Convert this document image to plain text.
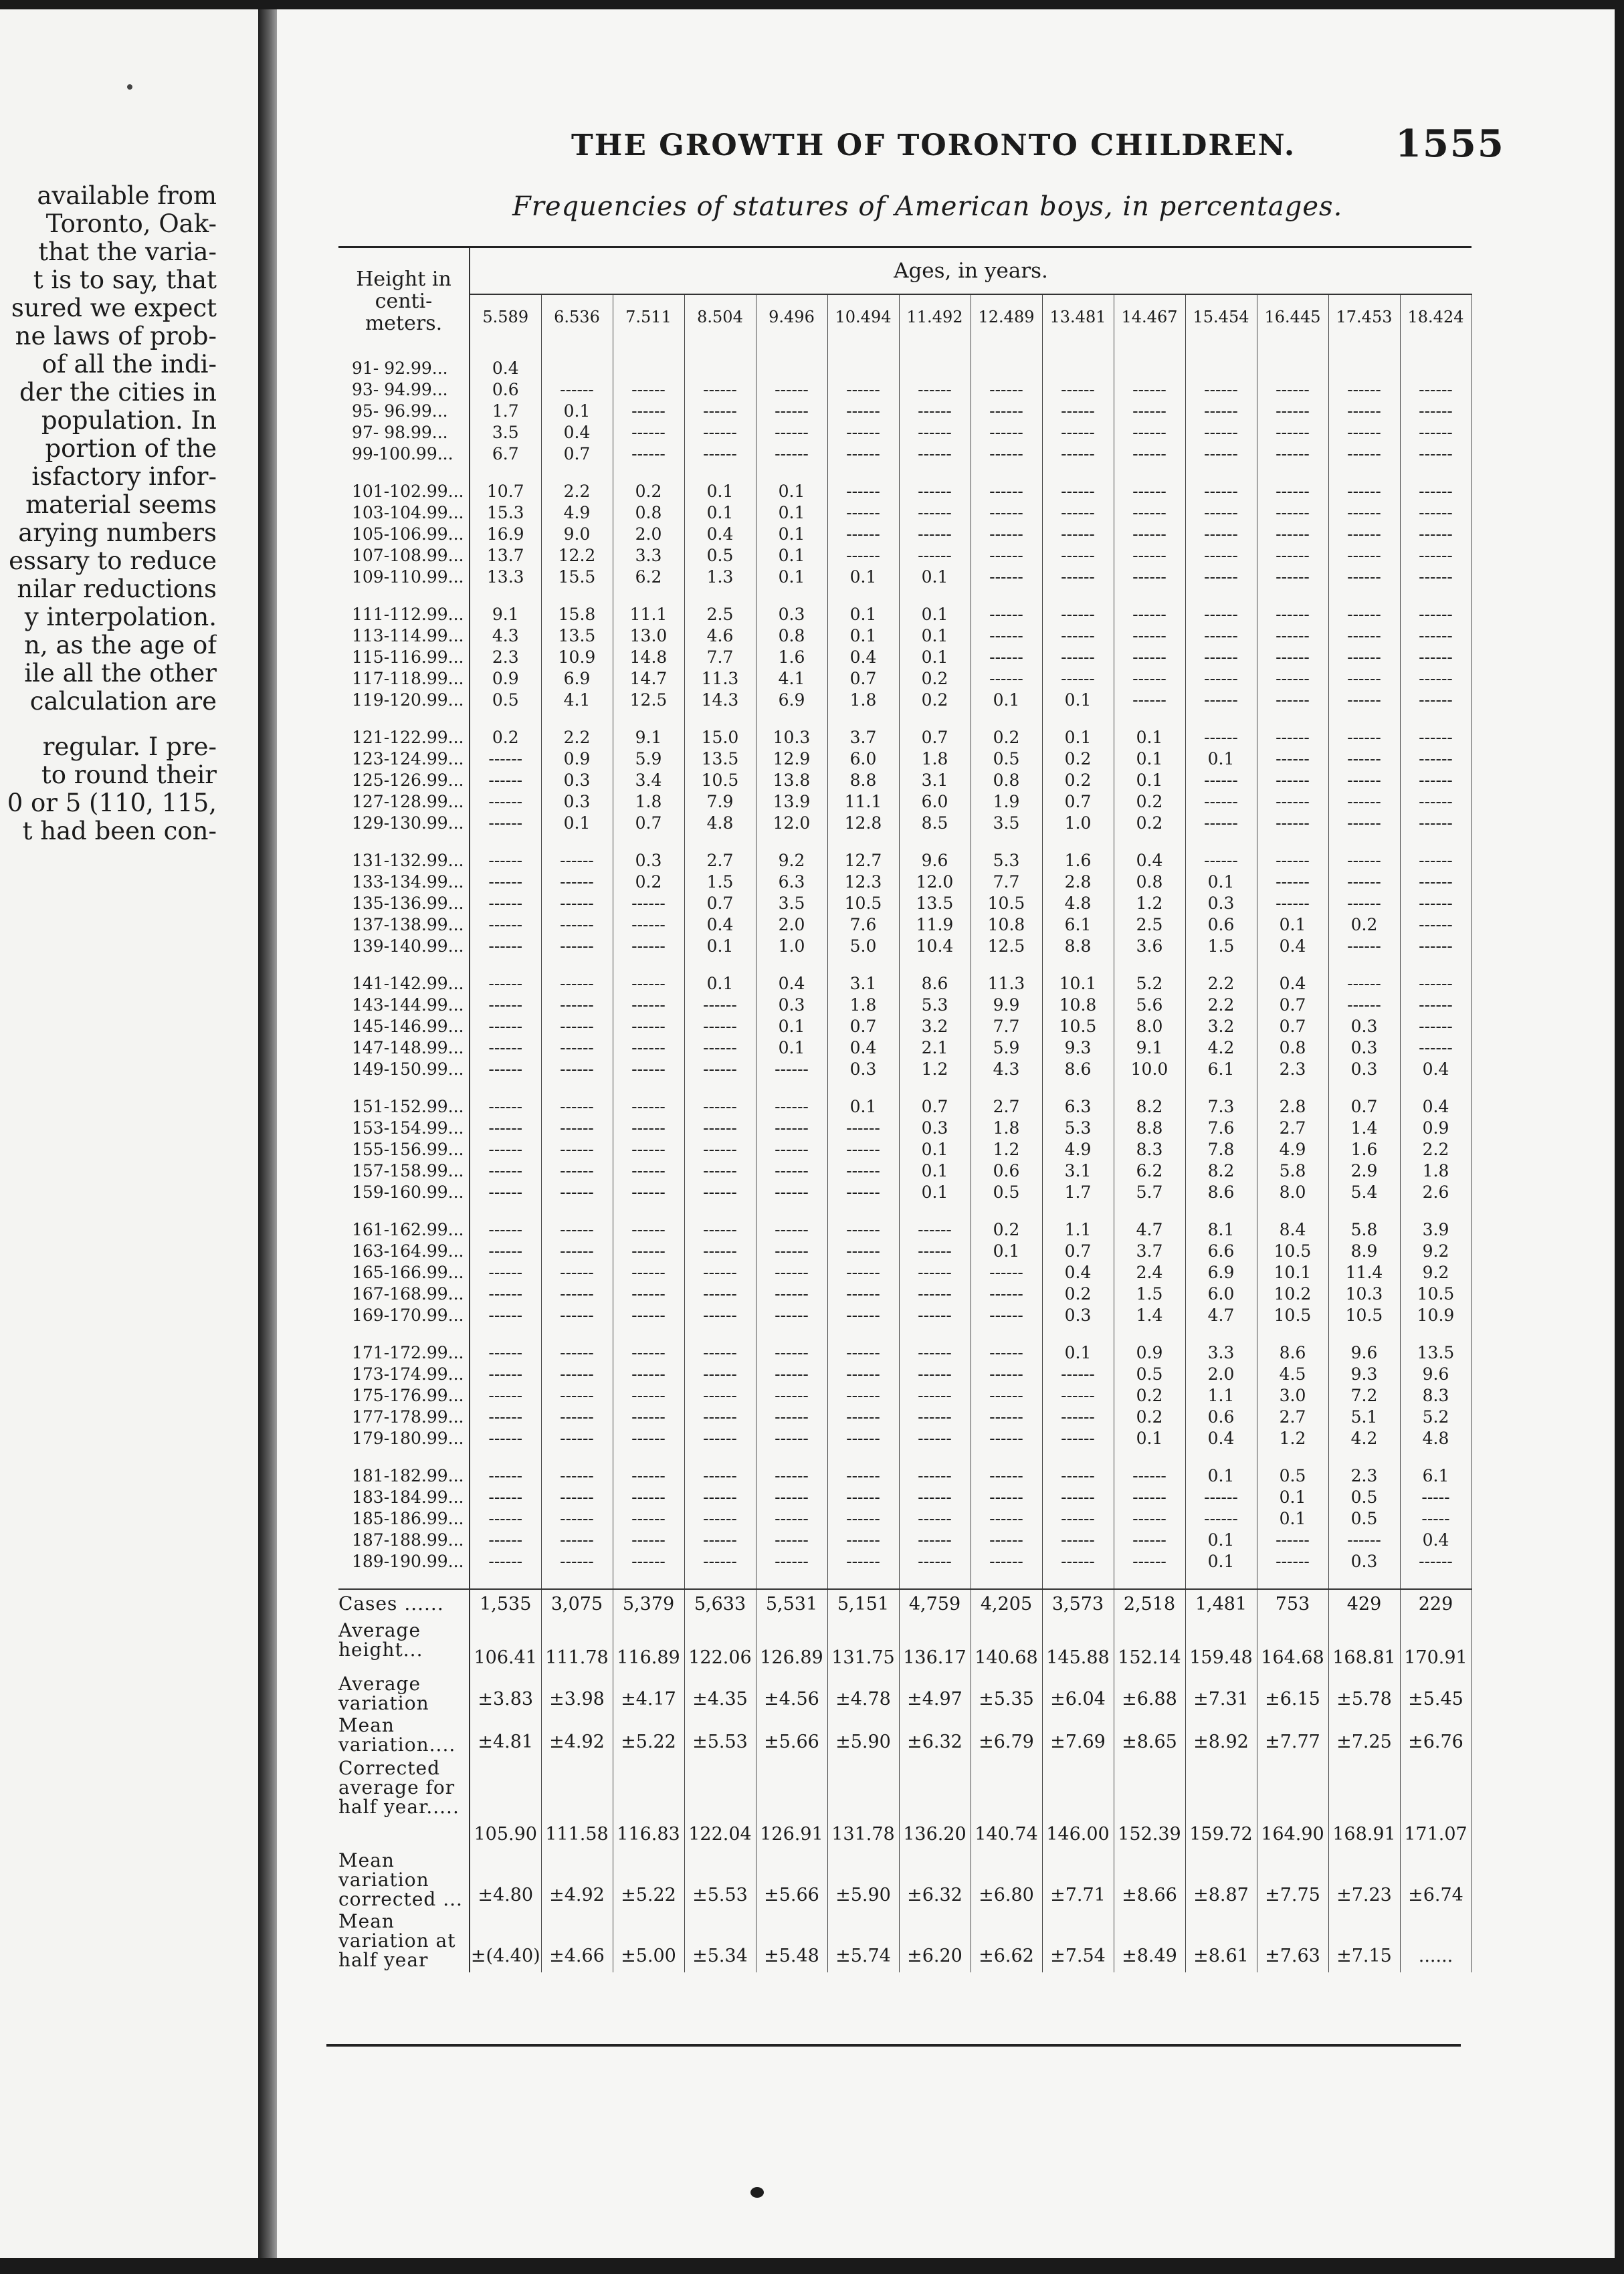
available from
Toronto, Oak-
that the varia-
t is to say, that
sured we expect
ne laws of prob-
of all the indi-
der the cities in
population. In
portion of the
isfactory infor-
material seems
arying numbers
essary to reduce
nilar reductions
y interpolation.
n, as the age of
ile all the other
calculation are
regular. I pre-
to round their
0 or 5 (110, 115,
t had been con-
THE GROWTH OF TORONTO CHILDREN.	1555
Frequencies of statures of American boys, in percentages.
Height in centi-meters.	Ages, in years.													
	5.589	6.536	7.511	8.504	9.496	10.494	11.492	12.489	13.481	14.467	15.454	16.445	17.453	18.424
91- 92.99...	0.4													
93- 94.99...	0.6	------	------	------	------	------	------	------	------	------	------	------	------	------
95- 96.99...	1.7	0.1	------	------	------	------	------	------	------	------	------	------	------	------
97- 98.99...	3.5	0.4	------	------	------	------	------	------	------	------	------	------	------	------
99-100.99...	6.7	0.7	------	------	------	------	------	------	------	------	------	------	------	------
101-102.99...	10.7	2.2	0.2	0.1	0.1	------	------	------	------	------	------	------	------	------
103-104.99...	15.3	4.9	0.8	0.1	0.1	------	------	------	------	------	------	------	------	------
105-106.99...	16.9	9.0	2.0	0.4	0.1	------	------	------	------	------	------	------	------	------
107-108.99...	13.7	12.2	3.3	0.5	0.1	------	------	------	------	------	------	------	------	------
109-110.99...	13.3	15.5	6.2	1.3	0.1	0.1	0.1	------	------	------	------	------	------	------
111-112.99...	9.1	15.8	11.1	2.5	0.3	0.1	0.1	------	------	------	------	------	------	------
113-114.99...	4.3	13.5	13.0	4.6	0.8	0.1	0.1	------	------	------	------	------	------	------
115-116.99...	2.3	10.9	14.8	7.7	1.6	0.4	0.1	------	------	------	------	------	------	------
117-118.99...	0.9	6.9	14.7	11.3	4.1	0.7	0.2	------	------	------	------	------	------	------
119-120.99...	0.5	4.1	12.5	14.3	6.9	1.8	0.2	0.1	0.1	------	------	------	------	------
121-122.99...	0.2	2.2	9.1	15.0	10.3	3.7	0.7	0.2	0.1	0.1	------	------	------	------
123-124.99...	------	0.9	5.9	13.5	12.9	6.0	1.8	0.5	0.2	0.1	0.1	------	------	------
125-126.99...	------	0.3	3.4	10.5	13.8	8.8	3.1	0.8	0.2	0.1	------	------	------	------
127-128.99...	------	0.3	1.8	7.9	13.9	11.1	6.0	1.9	0.7	0.2	------	------	------	------
129-130.99...	------	0.1	0.7	4.8	12.0	12.8	8.5	3.5	1.0	0.2	------	------	------	------
131-132.99...	------	------	0.3	2.7	9.2	12.7	9.6	5.3	1.6	0.4	------	------	------	------
133-134.99...	------	------	0.2	1.5	6.3	12.3	12.0	7.7	2.8	0.8	0.1	------	------	------
135-136.99...	------	------	------	0.7	3.5	10.5	13.5	10.5	4.8	1.2	0.3	------	------	------
137-138.99...	------	------	------	0.4	2.0	7.6	11.9	10.8	6.1	2.5	0.6	0.1	0.2	------
139-140.99...	------	------	------	0.1	1.0	5.0	10.4	12.5	8.8	3.6	1.5	0.4	------	------
141-142.99...	------	------	------	0.1	0.4	3.1	8.6	11.3	10.1	5.2	2.2	0.4	------	------
143-144.99...	------	------	------	------	0.3	1.8	5.3	9.9	10.8	5.6	2.2	0.7	------	------
145-146.99...	------	------	------	------	0.1	0.7	3.2	7.7	10.5	8.0	3.2	0.7	0.3	------
147-148.99...	------	------	------	------	0.1	0.4	2.1	5.9	9.3	9.1	4.2	0.8	0.3	------
149-150.99...	------	------	------	------	------	0.3	1.2	4.3	8.6	10.0	6.1	2.3	0.3	0.4
151-152.99...	------	------	------	------	------	0.1	0.7	2.7	6.3	8.2	7.3	2.8	0.7	0.4
153-154.99...	------	------	------	------	------	------	0.3	1.8	5.3	8.8	7.6	2.7	1.4	0.9
155-156.99...	------	------	------	------	------	------	0.1	1.2	4.9	8.3	7.8	4.9	1.6	2.2
157-158.99...	------	------	------	------	------	------	0.1	0.6	3.1	6.2	8.2	5.8	2.9	1.8
159-160.99...	------	------	------	------	------	------	0.1	0.5	1.7	5.7	8.6	8.0	5.4	2.6
161-162.99...	------	------	------	------	------	------	------	0.2	1.1	4.7	8.1	8.4	5.8	3.9
163-164.99...	------	------	------	------	------	------	------	0.1	0.7	3.7	6.6	10.5	8.9	9.2
165-166.99...	------	------	------	------	------	------	------	------	0.4	2.4	6.9	10.1	11.4	9.2
167-168.99...	------	------	------	------	------	------	------	------	0.2	1.5	6.0	10.2	10.3	10.5
169-170.99...	------	------	------	------	------	------	------	------	0.3	1.4	4.7	10.5	10.5	10.9
171-172.99...	------	------	------	------	------	------	------	------	0.1	0.9	3.3	8.6	9.6	13.5
173-174.99...	------	------	------	------	------	------	------	------	------	0.5	2.0	4.5	9.3	9.6
175-176.99...	------	------	------	------	------	------	------	------	------	0.2	1.1	3.0	7.2	8.3
177-178.99...	------	------	------	------	------	------	------	------	------	0.2	0.6	2.7	5.1	5.2
179-180.99...	------	------	------	------	------	------	------	------	------	0.1	0.4	1.2	4.2	4.8
181-182.99...	------	------	------	------	------	------	------	------	------	------	0.1	0.5	2.3	6.1
183-184.99...	------	------	------	------	------	------	------	------	------	------	------	0.1	0.5	-----
185-186.99...	------	------	------	------	------	------	------	------	------	------	------	0.1	0.5	-----
187-188.99...	------	------	------	------	------	------	------	------	------	------	0.1	------	------	0.4
189-190.99...	------	------	------	------	------	------	------	------	------	------	0.1	------	0.3	------
Cases ......	1,535	3,075	5,379	5,633	5,531	5,151	4,759	4,205	3,573	2,518	1,481	753	429	229
Average height...	106.41	111.78	116.89	122.06	126.89	131.75	136.17	140.68	145.88	152.14	159.48	164.68	168.81	170.91
Average variation	±3.83	±3.98	±4.17	±4.35	±4.56	±4.78	±4.97	±5.35	±6.04	±6.88	±7.31	±6.15	±5.78	±5.45
Mean variation....	±4.81	±4.92	±5.22	±5.53	±5.66	±5.90	±6.32	±6.79	±7.69	±8.65	±8.92	±7.77	±7.25	±6.76
Corrected average for half year.....	105.90	111.58	116.83	122.04	126.91	131.78	136.20	140.74	146.00	152.39	159.72	164.90	168.91	171.07
Mean variation corrected ...	±4.80	±4.92	±5.22	±5.53	±5.66	±5.90	±6.32	±6.80	±7.71	±8.66	±8.87	±7.75	±7.23	±6.74
Mean variation at half year	±(4.40)	±4.66	±5.00	±5.34	±5.48	±5.74	±6.20	±6.62	±7.54	±8.49	±8.61	±7.63	±7.15	......
